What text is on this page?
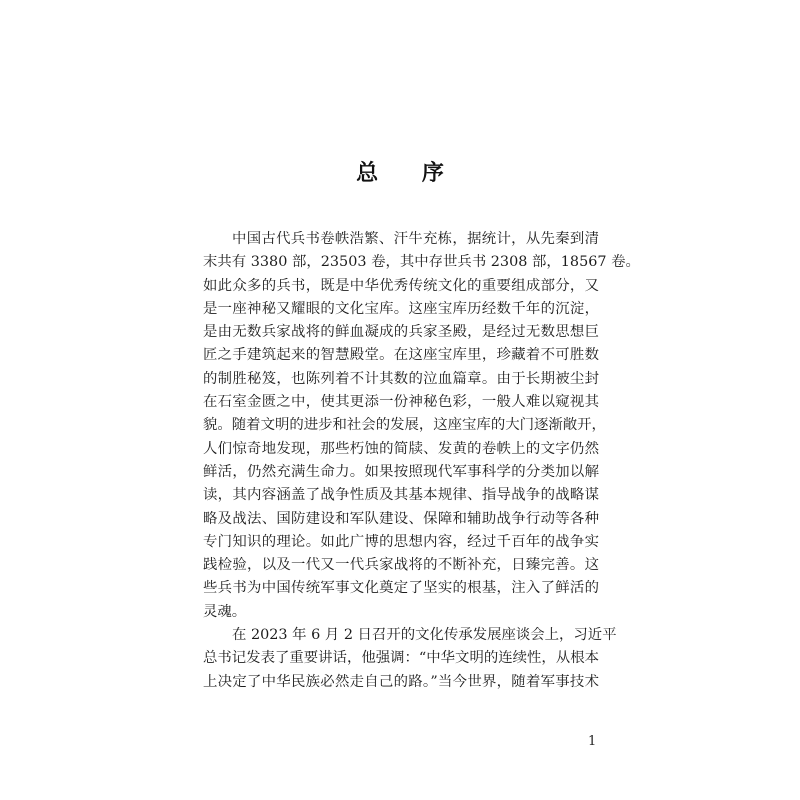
总 序
中国古代兵书卷帙浩繁、汗牛充栋，据统计，从先秦到清
末共有 3380 部，23503 卷，其中存世兵书 2308 部，18567 卷。
如此众多的兵书，既是中华优秀传统文化的重要组成部分，又
是一座神秘又耀眼的文化宝库。这座宝库历经数千年的沉淀，
是由无数兵家战将的鲜血凝成的兵家圣殿，是经过无数思想巨
匠之手建筑起来的智慧殿堂。在这座宝库里，珍藏着不可胜数
的制胜秘笈，也陈列着不计其数的泣血篇章。由于长期被尘封
在石室金匮之中，使其更添一份神秘色彩，一般人难以窥视其
貌。随着文明的进步和社会的发展，这座宝库的大门逐渐敞开，
人们惊奇地发现，那些朽蚀的简牍、发黄的卷帙上的文字仍然
鲜活，仍然充满生命力。如果按照现代军事科学的分类加以解
读，其内容涵盖了战争性质及其基本规律、指导战争的战略谋
略及战法、国防建设和军队建设、保障和辅助战争行动等各种
专门知识的理论。如此广博的思想内容，经过千百年的战争实
践检验，以及一代又一代兵家战将的不断补充，日臻完善。这
些兵书为中国传统军事文化奠定了坚实的根基，注入了鲜活的
灵魂。
在 2023 年 6 月 2 日召开的文化传承发展座谈会上，习近平
总书记发表了重要讲话，他强调：“中华文明的连续性，从根本
上决定了中华民族必然走自己的路。”当今世界，随着军事技术
1
